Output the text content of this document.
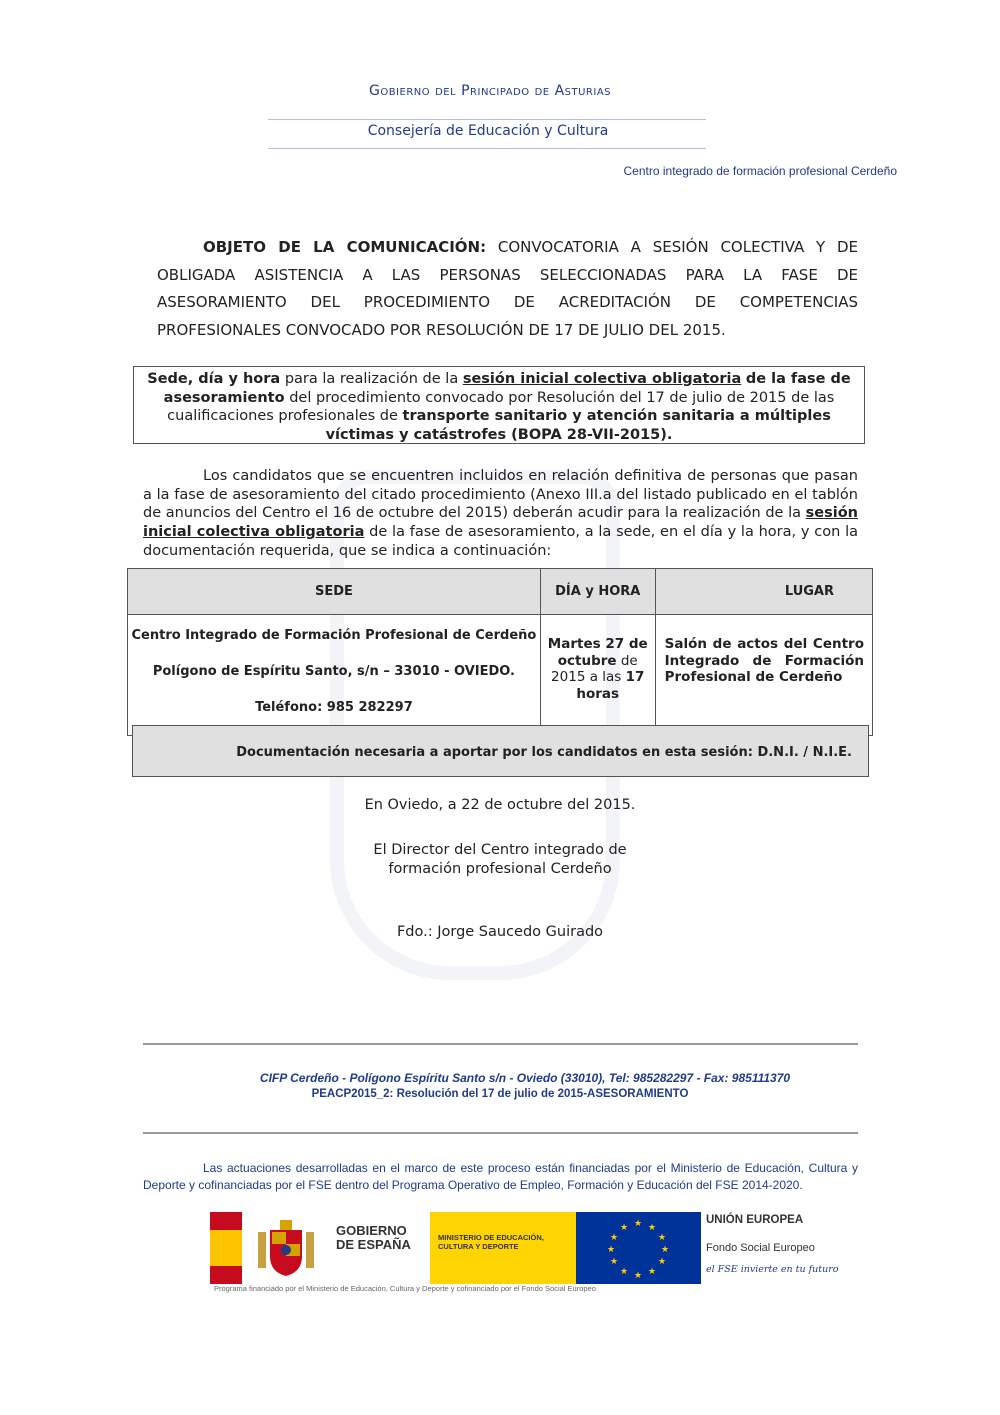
Gobierno del Principado de Asturias
Consejería de Educación y Cultura
Centro integrado de formación profesional Cerdeño
OBJETO DE LA COMUNICACIÓN: CONVOCATORIA A SESIÓN COLECTIVA Y DE OBLIGADA ASISTENCIA A LAS PERSONAS SELECCIONADAS PARA LA FASE DE ASESORAMIENTO DEL PROCEDIMIENTO DE ACREDITACIÓN DE COMPETENCIAS PROFESIONALES CONVOCADO POR RESOLUCIÓN DE 17 DE JULIO DEL 2015.
Sede, día y hora para la realización de la sesión inicial colectiva obligatoria de la fase de asesoramiento del procedimiento convocado por Resolución del 17 de julio de 2015 de las cualificaciones profesionales de transporte sanitario y atención sanitaria a múltiples víctimas y catástrofes (BOPA 28-VII-2015).
Los candidatos que se encuentren incluidos en relación definitiva de personas que pasan a la fase de asesoramiento del citado procedimiento (Anexo III.a del listado publicado en el tablón de anuncios del Centro el 16 de octubre del 2015) deberán acudir para la realización de la sesión inicial colectiva obligatoria de la fase de asesoramiento, a la sede, en el día y la hora, y con la documentación requerida, que se indica a continuación:
SEDE	DÍA y HORA	LUGAR

Centro Integrado de Formación Profesional de Cerdeño
Polígono de Espíritu Santo, s/n – 33010 - OVIEDO.
Teléfono: 985 282297	Martes 27 de octubre de 2015 a las 17 horas	Salón de actos del Centro Integrado de Formación Profesional de Cerdeño
Documentación necesaria a aportar por los candidatos en esta sesión: D.N.I. / N.I.E.
En Oviedo, a 22 de octubre del 2015.
El Director del Centro integrado de
formación profesional Cerdeño
Fdo.: Jorge Saucedo Guirado
CIFP Cerdeño - Polígono Espíritu Santo s/n - Oviedo (33010), Tel: 985282297 - Fax: 985111370
PEACP2015_2: Resolución del 17 de julio de 2015-ASESORAMIENTO
Las actuaciones desarrolladas en el marco de este proceso están financiadas por el Ministerio de Educación, Cultura y Deporte y cofinanciadas por el FSE dentro del Programa Operativo de Empleo, Formación y Educación del FSE 2014-2020.
GOBIERNO DE ESPAÑA	MINISTERIO DE EDUCACIÓN, CULTURA Y DEPORTE
★ ★
★
★
★
★
★
★
★
★
★
★
UNIÓN EUROPEA
Fondo Social Europeo
el FSE invierte en tu futuro
Programa financiado por el Ministerio de Educación, Cultura y Deporte y cofinanciado por el Fondo Social Europeo
